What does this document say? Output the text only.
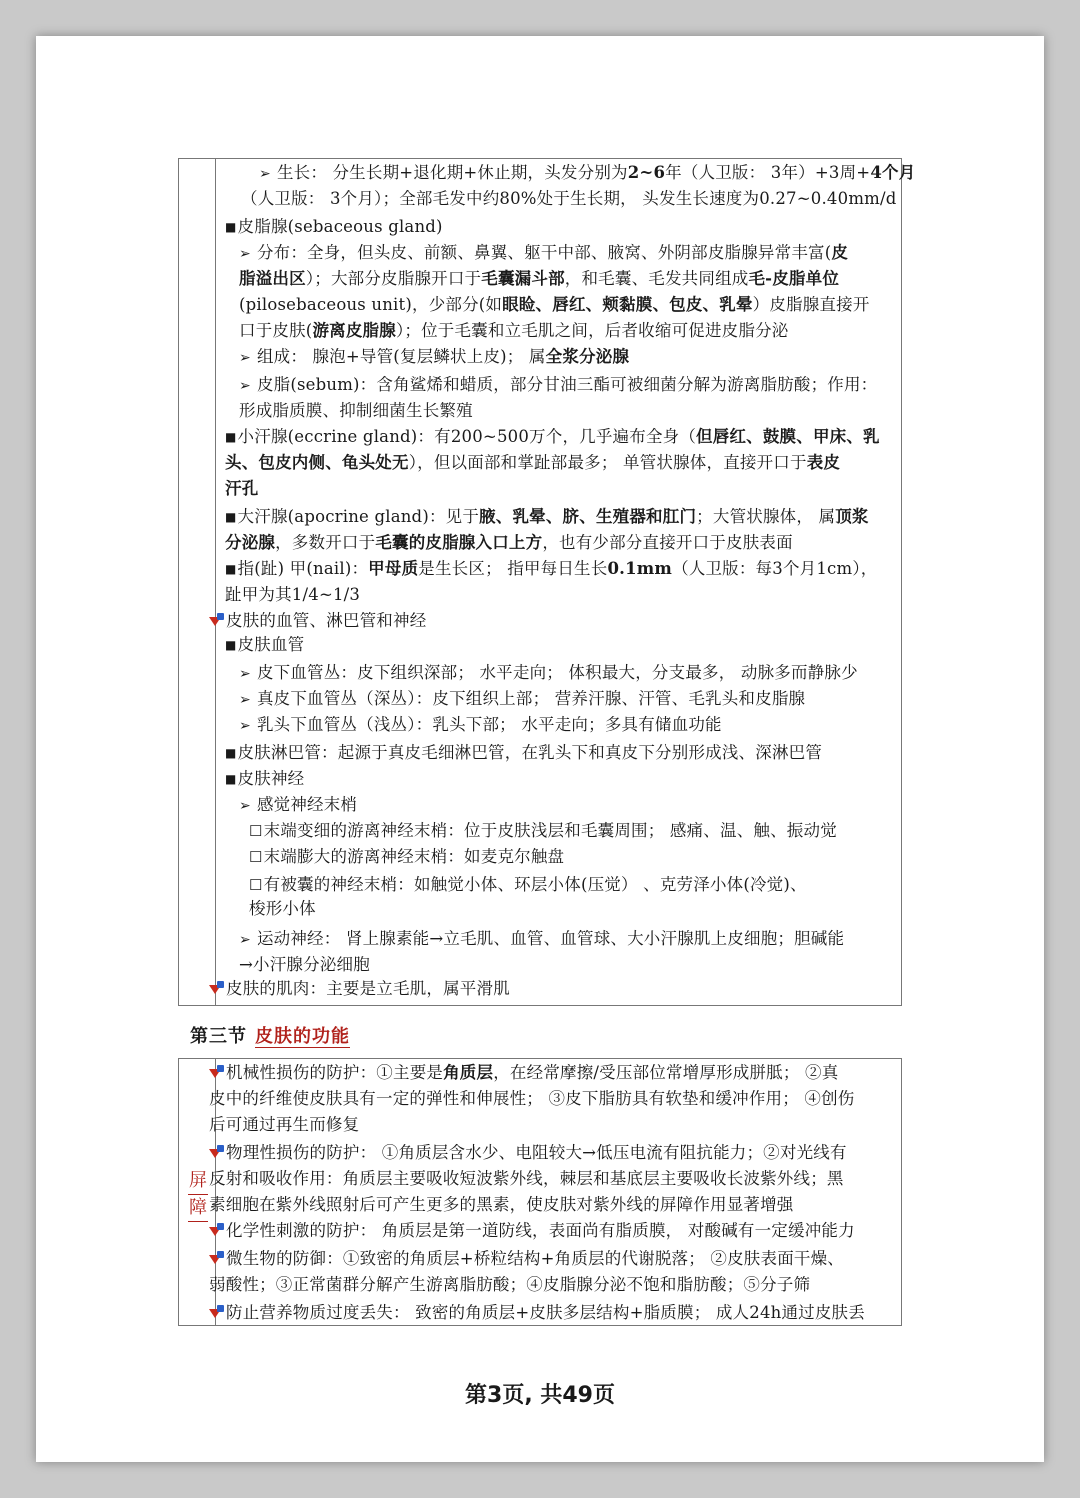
➢ 生长： 分生长期+退化期+休止期，头发分别为2~6年（人卫版： 3年）+3周+4个月
（人卫版： 3个月）；全部毛发中约80%处于生长期， 头发生长速度为0.27~0.40mm/d
■ 皮脂腺(sebaceous gland)
➢ 分布：全身，但头皮、前额、鼻翼、躯干中部、腋窝、外阴部皮脂腺异常丰富(皮
脂溢出区）；大部分皮脂腺开口于毛囊漏斗部，和毛囊、毛发共同组成毛-皮脂单位
(pilosebaceous unit)，少部分(如眼睑、唇红、颊黏膜、包皮、乳晕）皮脂腺直接开
口于皮肤(游离皮脂腺）；位于毛囊和立毛肌之间，后者收缩可促进皮脂分泌
➢ 组成： 腺泡+导管(复层鳞状上皮)； 属全浆分泌腺
➢ 皮脂(sebum)：含角鲨烯和蜡质，部分甘油三酯可被细菌分解为游离脂肪酸；作用：
形成脂质膜、抑制细菌生长繁殖
■ 小汗腺(eccrine gland)：有200~500万个，几乎遍布全身（但唇红、鼓膜、甲床、乳
头、包皮内侧、龟头处无），但以面部和掌趾部最多； 单管状腺体，直接开口于表皮
汗孔
■ 大汗腺(apocrine gland)：见于腋、乳晕、脐、生殖器和肛门；大管状腺体， 属顶浆
分泌腺，多数开口于毛囊的皮脂腺入口上方，也有少部分直接开口于皮肤表面
■ 指(趾) 甲(nail)：甲母质是生长区； 指甲每日生长0.1mm（人卫版：每3个月1cm），
趾甲为其1/4~1/3
皮肤的血管、淋巴管和神经
■ 皮肤血管
➢ 皮下血管丛：皮下组织深部； 水平走向； 体积最大，分支最多， 动脉多而静脉少
➢ 真皮下血管丛（深丛）：皮下组织上部； 营养汗腺、汗管、毛乳头和皮脂腺
➢ 乳头下血管丛（浅丛）：乳头下部； 水平走向；多具有储血功能
■ 皮肤淋巴管：起源于真皮毛细淋巴管，在乳头下和真皮下分别形成浅、深淋巴管
■ 皮肤神经
➢ 感觉神经末梢
☐ 末端变细的游离神经末梢：位于皮肤浅层和毛囊周围； 感痛、温、触、振动觉
☐ 末端膨大的游离神经末梢：如麦克尔触盘
☐ 有被囊的神经末梢：如触觉小体、环层小体(压觉） 、克劳泽小体(冷觉)、
梭形小体
➢ 运动神经： 肾上腺素能→立毛肌、血管、血管球、大小汗腺肌上皮细胞；胆碱能
→小汗腺分泌细胞
皮肤的肌肉：主要是立毛肌，属平滑肌
第三节 皮肤的功能
机械性损伤的防护：①主要是角质层，在经常摩擦/受压部位常增厚形成胼胝； ②真
皮中的纤维使皮肤具有一定的弹性和伸展性； ③皮下脂肪具有软垫和缓冲作用； ④创伤
后可通过再生而修复
物理性损伤的防护： ①角质层含水少、电阻较大→低压电流有阻抗能力；②对光线有
反射和吸收作用：角质层主要吸收短波紫外线，棘层和基底层主要吸收长波紫外线；黑
素细胞在紫外线照射后可产生更多的黑素，使皮肤对紫外线的屏障作用显著增强
化学性刺激的防护： 角质层是第一道防线，表面尚有脂质膜， 对酸碱有一定缓冲能力
微生物的防御：①致密的角质层+桥粒结构+角质层的代谢脱落； ②皮肤表面干燥、
弱酸性；③正常菌群分解产生游离脂肪酸；④皮脂腺分泌不饱和脂肪酸；⑤分子筛
防止营养物质过度丢失： 致密的角质层+皮肤多层结构+脂质膜； 成人24h通过皮肤丢
屏
障
第3页, 共49页
